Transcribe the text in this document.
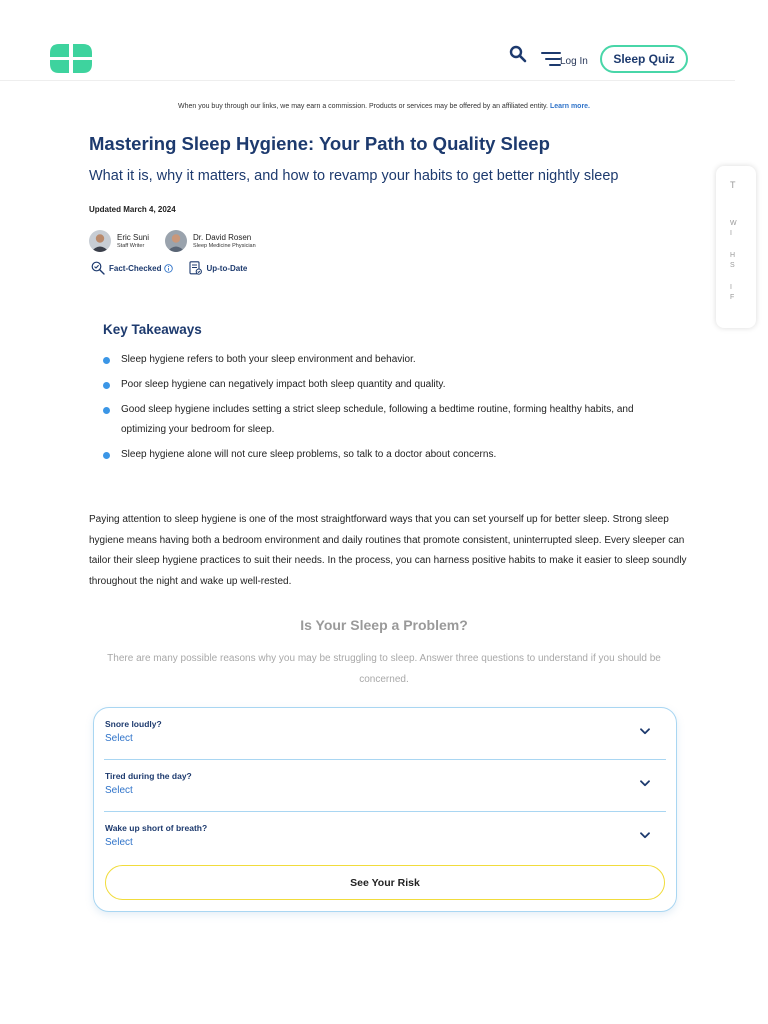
Log In	Sleep Quiz
When you buy through our links, we may earn a commission. Products or services may be offered by an affiliated entity. Learn more.
Mastering Sleep Hygiene: Your Path to Quality Sleep
What it is, why it matters, and how to revamp your habits to get better nightly sleep
Updated March 4, 2024
Eric Suni
Staff Writer
Dr. David Rosen
Sleep Medicine Physician
Fact-Checked	Up-to-Date
T
W
I
H
S
I
F
Key Takeaways
Sleep hygiene refers to both your sleep environment and behavior.
Poor sleep hygiene can negatively impact both sleep quantity and quality.
Good sleep hygiene includes setting a strict sleep schedule, following a bedtime routine, forming healthy habits, and optimizing your bedroom for sleep.
Sleep hygiene alone will not cure sleep problems, so talk to a doctor about concerns.

Paying attention to sleep hygiene is one of the most straightforward ways that you can set yourself up for better sleep. Strong sleep hygiene means having both a bedroom environment and daily routines that promote consistent, uninterrupted sleep. Every sleeper can tailor their sleep hygiene practices to suit their needs. In the process, you can harness positive habits to make it easier to sleep soundly throughout the night and wake up well-rested.

Is Your Sleep a Problem?

There are many possible reasons why you may be struggling to sleep. Answer three questions to understand if you should be concerned.

Snore loudly?
Select
Tired during the day?
Select
Wake up short of breath?
Select
See Your Risk
